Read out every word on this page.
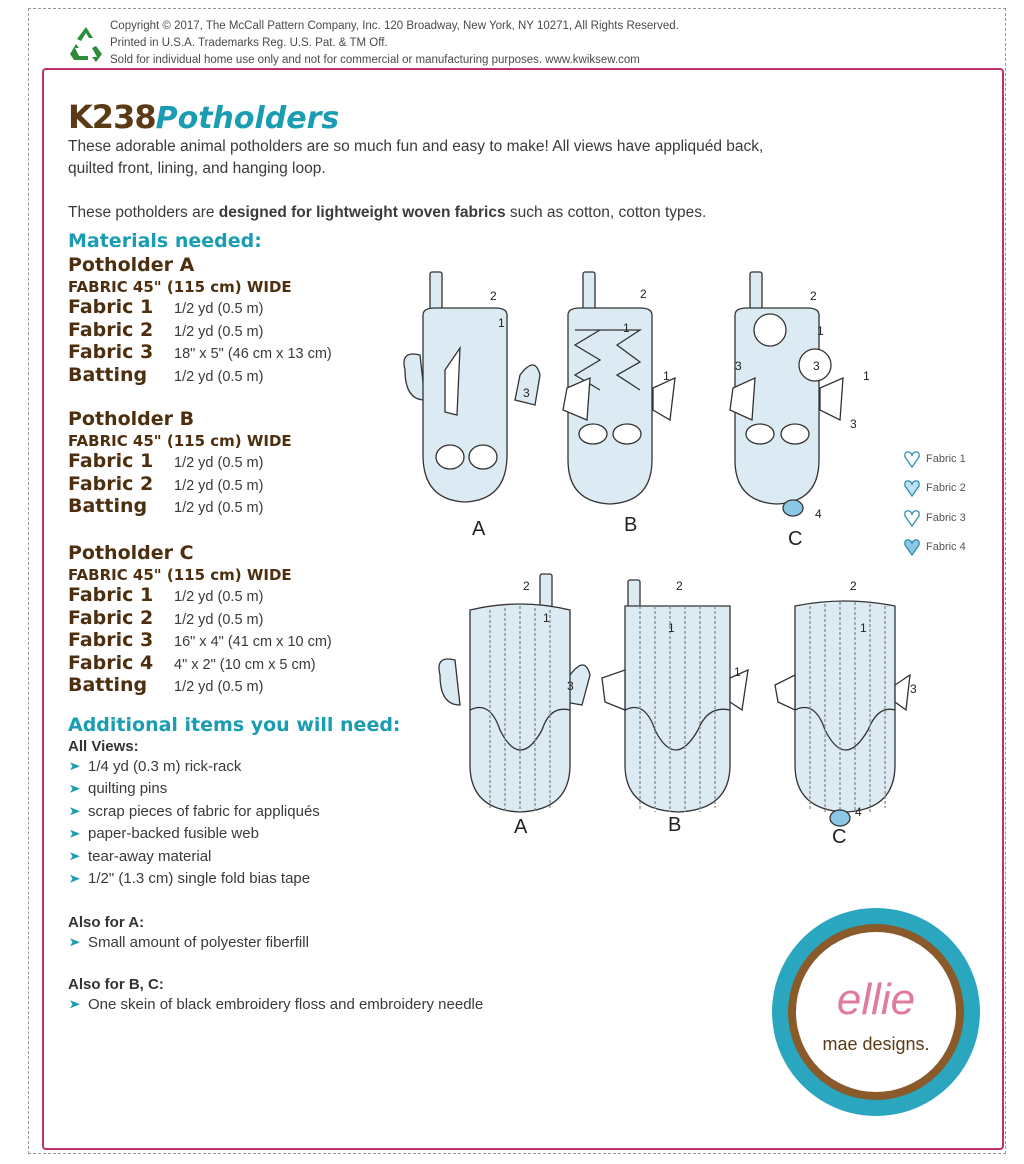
Copyright © 2017, The McCall Pattern Company, Inc. 120 Broadway, New York, NY 10271, All Rights Reserved.
Printed in U.S.A. Trademarks Reg. U.S. Pat. & TM Off.
Sold for individual home use only and not for commercial or manufacturing purposes. www.kwiksew.com
K238Potholders
These adorable animal potholders are so much fun and easy to make! All views have appliquéd back, quilted front, lining, and hanging loop.
These potholders are designed for lightweight woven fabrics such as cotton, cotton types.
Materials needed:
Potholder A
FABRIC 45" (115 cm) WIDE
Fabric 1	1/2 yd (0.5 m)
Fabric 2	1/2 yd (0.5 m)
Fabric 3	18" x 5" (46 cm x 13 cm)
Batting	1/2 yd (0.5 m)
Potholder B
FABRIC 45" (115 cm) WIDE
Fabric 1	1/2 yd (0.5 m)
Fabric 2	1/2 yd (0.5 m)
Batting	1/2 yd (0.5 m)
Potholder C
FABRIC 45" (115 cm) WIDE
Fabric 1	1/2 yd (0.5 m)
Fabric 2	1/2 yd (0.5 m)
Fabric 3	16" x 4" (41 cm x 10 cm)
Fabric 4	4" x 2" (10 cm x 5 cm)
Batting	1/2 yd (0.5 m)
Additional items you will need:
All Views:
1/4 yd (0.3 m) rick-rack
quilting pins
scrap pieces of fabric for appliqués
paper-backed fusible web
tear-away material
1/2" (1.3 cm) single fold bias tape
Also for A:
Small amount of polyester fiberfill
Also for B, C:
One skein of black embroidery floss and embroidery needle
2
1
3
2
1
1
2
1
3
3
1
3
4
A	B
C
2
1
3
2
1
1
2
1
3
4
A	B
C
Fabric 1
Fabric 2
Fabric 3
Fabric 4
ellie
mae designs.
